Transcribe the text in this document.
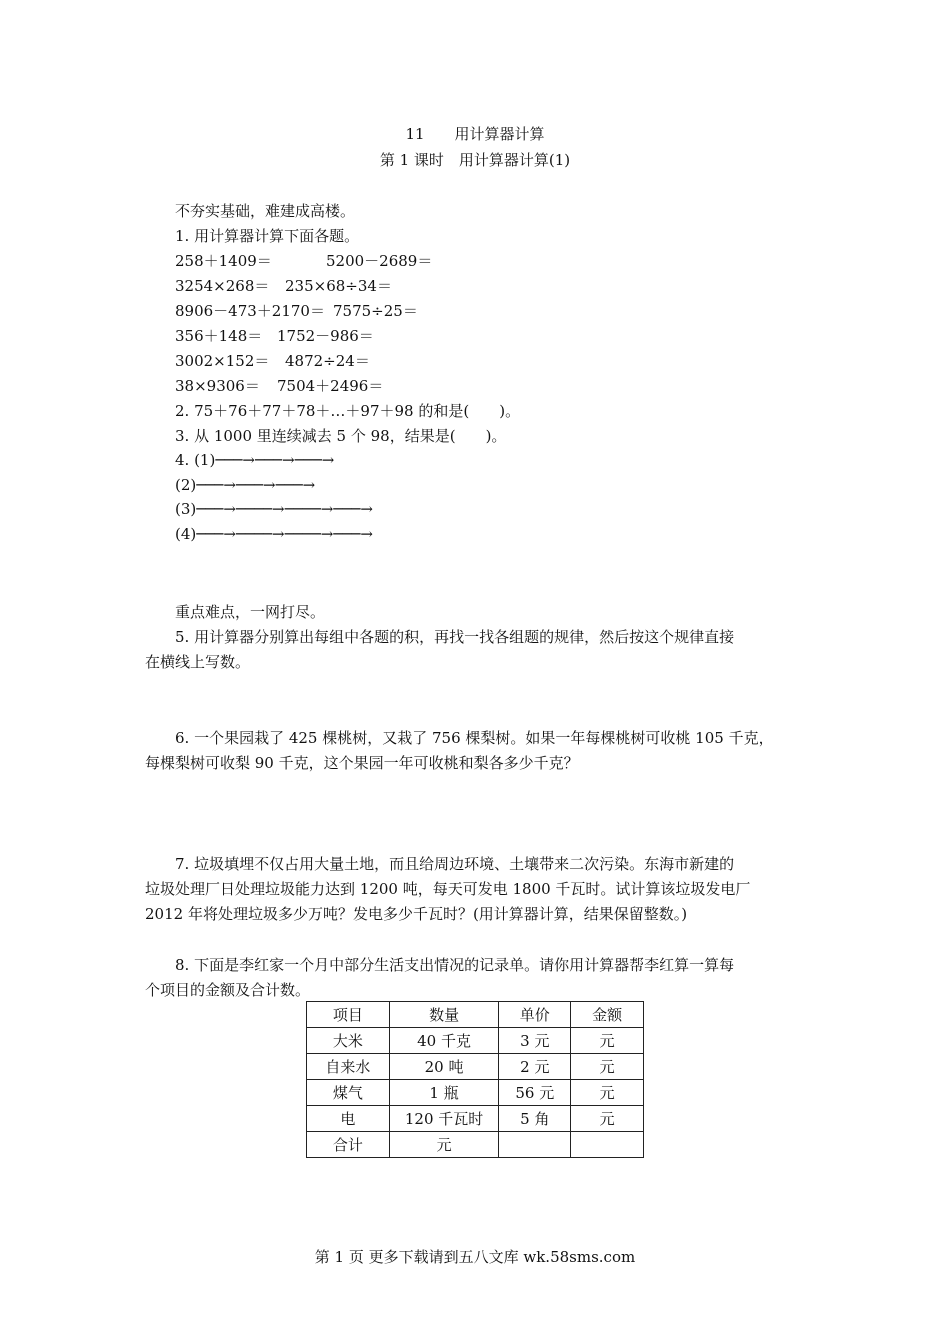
11　　用计算器计算
第 1 课时　用计算器计算(1)
不夯实基础，难建成高楼。
1. 用计算器计算下面各题。
258＋1409＝	5200－2689＝
3254×268＝ 235×68÷34＝
8906－473＋2170＝ 7575÷25＝
356＋148＝ 1752－986＝
3002×152＝ 4872÷24＝
38×9306＝ 7504＋2496＝
2. 75＋76＋77＋78＋…＋97＋98 的和是(　　)。
3. 从 1000 里连续减去 5 个 98，结果是(　　)。
4. (1)───→───→───→
(2)───→───→───→
(3)───→────→────→───→
(4)───→────→────→───→
重点难点，一网打尽。
5. 用计算器分别算出每组中各题的积，再找一找各组题的规律，然后按这个规律直接
在横线上写数。
6. 一个果园栽了 425 棵桃树，又栽了 756 棵梨树。如果一年每棵桃树可收桃 105 千克，
每棵梨树可收梨 90 千克，这个果园一年可收桃和梨各多少千克？
7. 垃圾填埋不仅占用大量土地，而且给周边环境、土壤带来二次污染。东海市新建的
垃圾处理厂日处理垃圾能力达到 1200 吨，每天可发电 1800 千瓦时。试计算该垃圾发电厂
2012 年将处理垃圾多少万吨？发电多少千瓦时？(用计算器计算，结果保留整数。)
8. 下面是李红家一个月中部分生活支出情况的记录单。请你用计算器帮李红算一算每
个项目的金额及合计数。
项目	数量	单价	金额
大米	40 千克	3 元	元
自来水	20 吨	2 元	元
煤气	1 瓶	56 元	元
电	120 千瓦时	5 角	元
合计	元		
第 1 页 更多下载请到五八文库 wk.58sms.com
